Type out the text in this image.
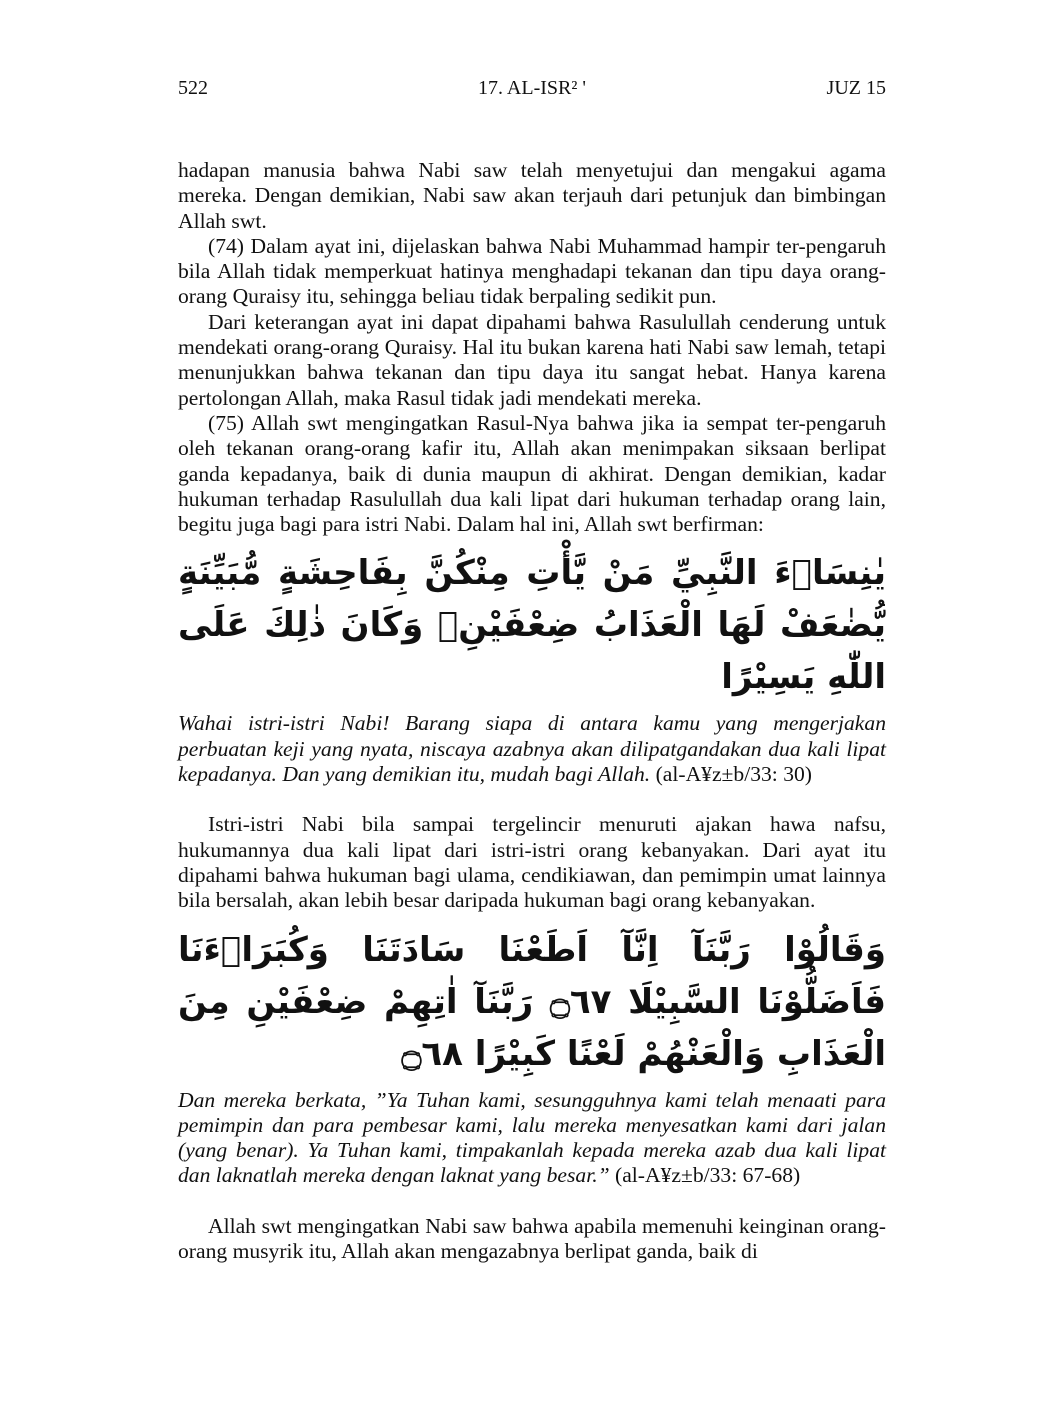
522	17. AL-ISR² '	JUZ 15

hadapan manusia bahwa Nabi saw telah menyetujui dan mengakui agama mereka. Dengan demikian, Nabi saw akan terjauh dari petunjuk dan bimbingan Allah swt.

(74) Dalam ayat ini, dijelaskan bahwa Nabi Muhammad hampir ter-pengaruh bila Allah tidak memperkuat hatinya menghadapi tekanan dan tipu daya orang-orang Quraisy itu, sehingga beliau tidak berpaling sedikit pun.

Dari keterangan ayat ini dapat dipahami bahwa Rasulullah cenderung untuk mendekati orang-orang Quraisy. Hal itu bukan karena hati Nabi saw lemah, tetapi menunjukkan bahwa tekanan dan tipu daya itu sangat hebat. Hanya karena pertolongan Allah, maka Rasul tidak jadi mendekati mereka.

(75) Allah swt mengingatkan Rasul-Nya bahwa jika ia sempat ter-pengaruh oleh tekanan orang-orang kafir itu, Allah akan menimpakan siksaan berlipat ganda kepadanya, baik di dunia maupun di akhirat. Dengan demikian, kadar hukuman terhadap Rasulullah dua kali lipat dari hukuman terhadap orang lain, begitu juga bagi para istri Nabi. Dalam hal ini, Allah swt berfirman:

يٰنِسَاۤءَ النَّبِيِّ مَنْ يَّأْتِ مِنْكُنَّ بِفَاحِشَةٍ مُّبَيِّنَةٍ يُّضٰعَفْ لَهَا الْعَذَابُ ضِعْفَيْنِۗ وَكَانَ ذٰلِكَ عَلَى اللّٰهِ يَسِيْرًا

Wahai istri-istri Nabi! Barang siapa di antara kamu yang mengerjakan perbuatan keji yang nyata, niscaya azabnya akan dilipatgandakan dua kali lipat kepadanya. Dan yang demikian itu, mudah bagi Allah. (al-A¥z±b/33: 30)

Istri-istri Nabi bila sampai tergelincir menuruti ajakan hawa nafsu, hukumannya dua kali lipat dari istri-istri orang kebanyakan. Dari ayat itu dipahami bahwa hukuman bagi ulama, cendikiawan, dan pemimpin umat lainnya bila bersalah, akan lebih besar daripada hukuman bagi orang kebanyakan.

وَقَالُوْا رَبَّنَآ اِنَّآ اَطَعْنَا سَادَتَنَا وَكُبَرَاۤءَنَا فَاَضَلُّوْنَا السَّبِيْلَا ۝٦٧ رَبَّنَآ اٰتِهِمْ ضِعْفَيْنِ مِنَ الْعَذَابِ وَالْعَنْهُمْ لَعْنًا كَبِيْرًا ۝٦٨

Dan mereka berkata, ”Ya Tuhan kami, sesungguhnya kami telah menaati para pemimpin dan para pembesar kami, lalu mereka menyesatkan kami dari jalan (yang benar). Ya Tuhan kami, timpakanlah kepada mereka azab dua kali lipat dan laknatlah mereka dengan laknat yang besar.” (al-A¥z±b/33: 67-68)

Allah swt mengingatkan Nabi saw bahwa apabila memenuhi keinginan orang-orang musyrik itu, Allah akan mengazabnya berlipat ganda, baik di
